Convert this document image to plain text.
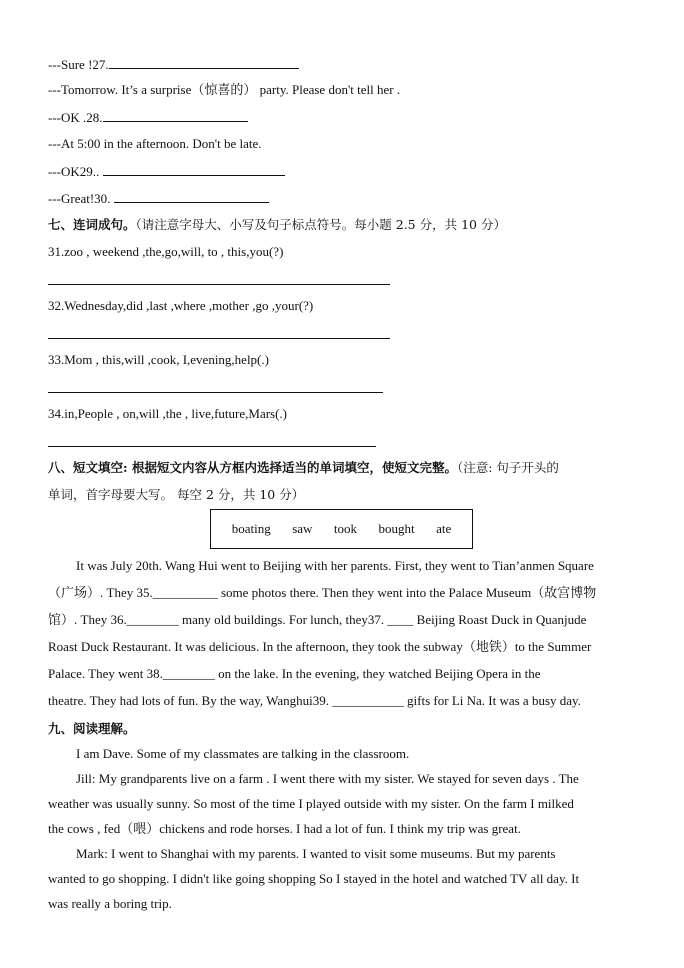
---Sure !27.
---Tomorrow. It’s a surprise（惊喜的） party. Please don't tell her .
---OK .28.
---At 5:00 in the afternoon. Don't be late.
---OK29..
---Great!30.
七、连词成句。（请注意字母大、小写及句子标点符号。每小题 2.5 分，共 10 分）
31.zoo , weekend ,the,go,will, to , this,you(?)
32.Wednesday,did ,last ,where ,mother ,go ,your(?)
33.Mom , this,will ,cook, I,evening,help(.)
34.in,People , on,will ,the , live,future,Mars(.)
八、短文填空: 根据短文内容从方框内选择适当的单词填空，使短文完整。（注意: 句子开头的
单词，首字母要大写。 每空 2 分，共 10 分）
boating saw took bought ate
It was July 20th. Wang Hui went to Beijing with her parents. First, they went to Tian’anmen Square
（广场）. They 35.__________ some photos there. Then they went into the Palace Museum（故宫博物
馆）. They 36.________ many old buildings. For lunch, they37. ____ Beijing Roast Duck in Quanjude
Roast Duck Restaurant. It was delicious. In the afternoon, they took the subway（地铁）to the Summer
Palace. They went 38.________ on the lake. In the evening, they watched Beijing Opera in the
theatre. They had lots of fun. By the way, Wanghui39. ___________ gifts for Li Na. It was a busy day.
九、阅读理解。
I am Dave. Some of my classmates are talking in the classroom.
Jill: My grandparents live on a farm . I went there with my sister. We stayed for seven days . The
weather was usually sunny. So most of the time I played outside with my sister. On the farm I milked
the cows , fed（喂）chickens and rode horses. I had a lot of fun. I think my trip was great.
Mark: I went to Shanghai with my parents. I wanted to visit some museums. But my parents
wanted to go shopping. I didn't like going shopping So I stayed in the hotel and watched TV all day. It
was really a boring trip.
